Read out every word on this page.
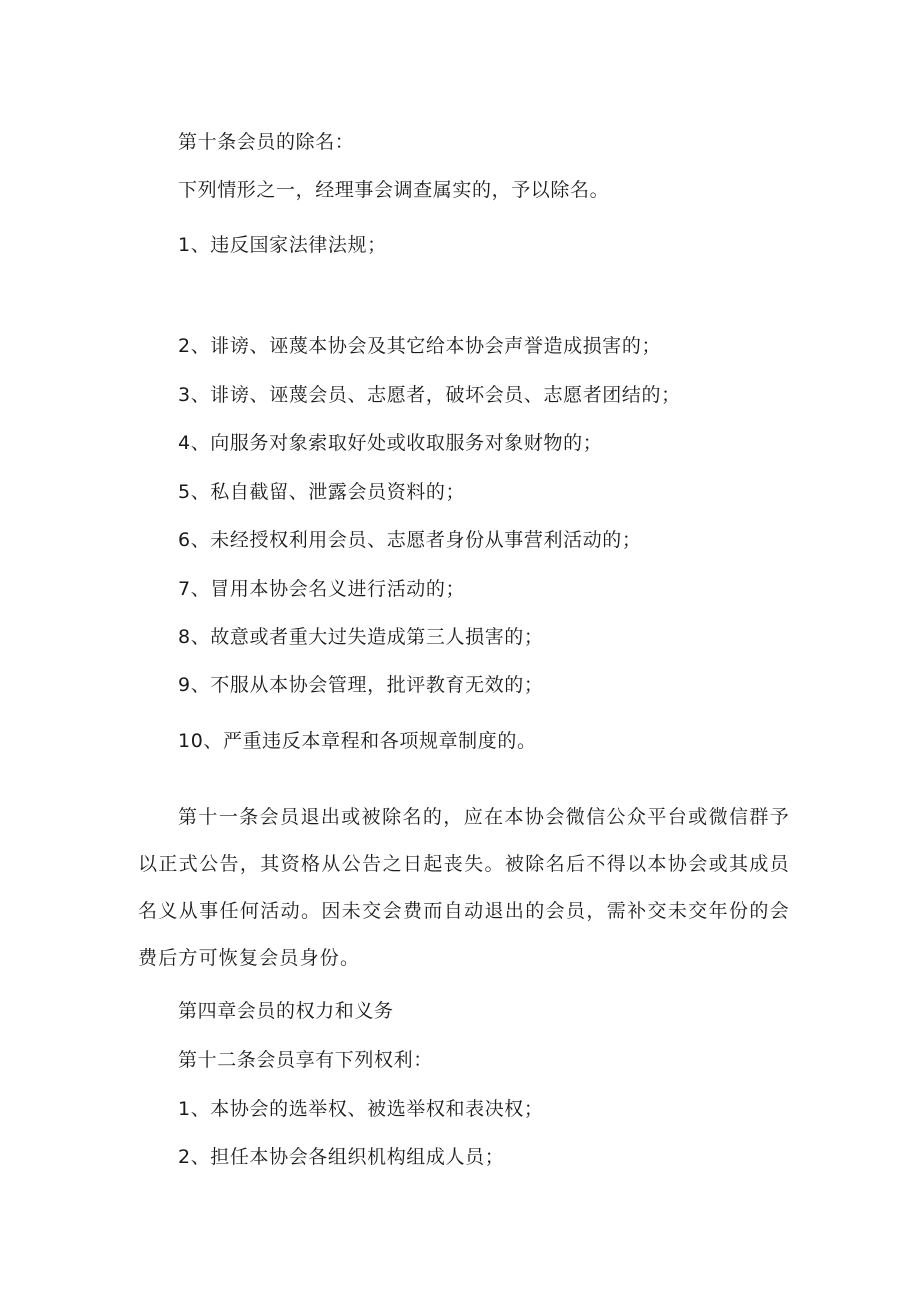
第十条会员的除名：
下列情形之一，经理事会调查属实的，予以除名。
1、违反国家法律法规；
2、诽谤、诬蔑本协会及其它给本协会声誉造成损害的；
3、诽谤、诬蔑会员、志愿者，破坏会员、志愿者团结的；
4、向服务对象索取好处或收取服务对象财物的；
5、私自截留、泄露会员资料的；
6、未经授权利用会员、志愿者身份从事营利活动的；
7、冒用本协会名义进行活动的；
8、故意或者重大过失造成第三人损害的；
9、不服从本协会管理，批评教育无效的；
10、严重违反本章程和各项规章制度的。

第十一条会员退出或被除名的，应在本协会微信公众平台或微信群予以正式公告，其资格从公告之日起丧失。被除名后不得以本协会或其成员名义从事任何活动。因未交会费而自动退出的会员，需补交未交年份的会费后方可恢复会员身份。

第四章会员的权力和义务
第十二条会员享有下列权利：
1、本协会的选举权、被选举权和表决权；
2、担任本协会各组织机构组成人员；
